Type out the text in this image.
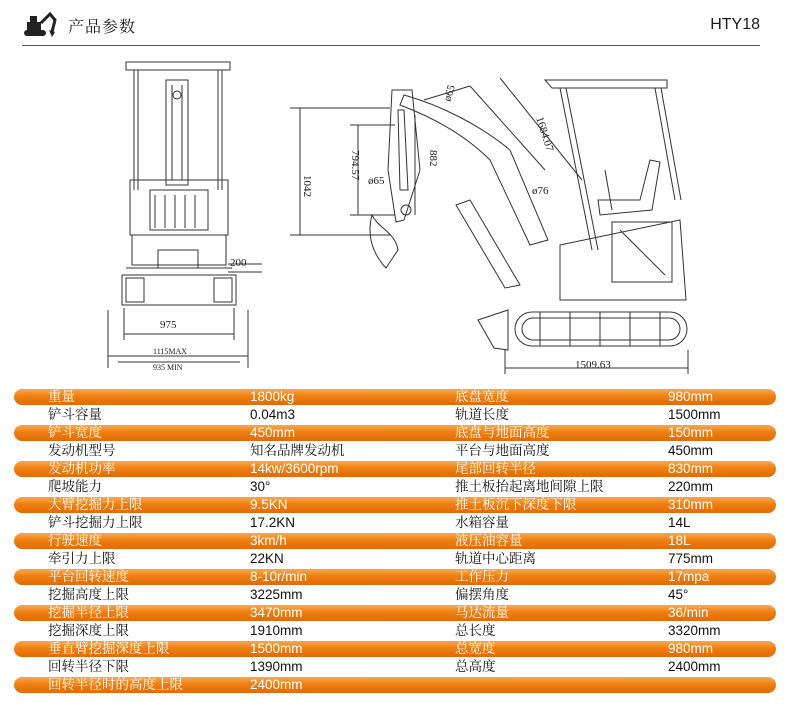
产品参数	HTY18
975
200
1115MAX
935 MIN
1042
794.57	882
ø65
ø65
ø76
1684.07
1509.63
重量	1800kg	底盘宽度	980mm
铲斗容量	0.04m3	轨道长度	1500mm
铲斗宽度	450mm	底盘与地面高度	150mm
发动机型号	知名品牌发动机	平台与地面高度	450mm
发动机功率	14kw/3600rpm	尾部回转半径	830mm
爬坡能力	30°	推土板抬起离地间隙上限	220mm
大臂挖掘力上限	9.5KN	推土板沉下深度下限	310mm
铲斗挖掘力上限	17.2KN	水箱容量	14L
行驶速度	3km/h	液压油容量	18L
牵引力上限	22KN	轨道中心距离	775mm
平台回转速度	8-10r/min	工作压力	17mpa
挖掘高度上限	3225mm	偏摆角度	45°
挖掘半径上限	3470mm	马达流量	36/min
挖掘深度上限	1910mm	总长度	3320mm
垂直臂挖掘深度上限	1500mm	总宽度	980mm
回转半径下限	1390mm	总高度	2400mm
回转半径时的高度上限	2400mm
